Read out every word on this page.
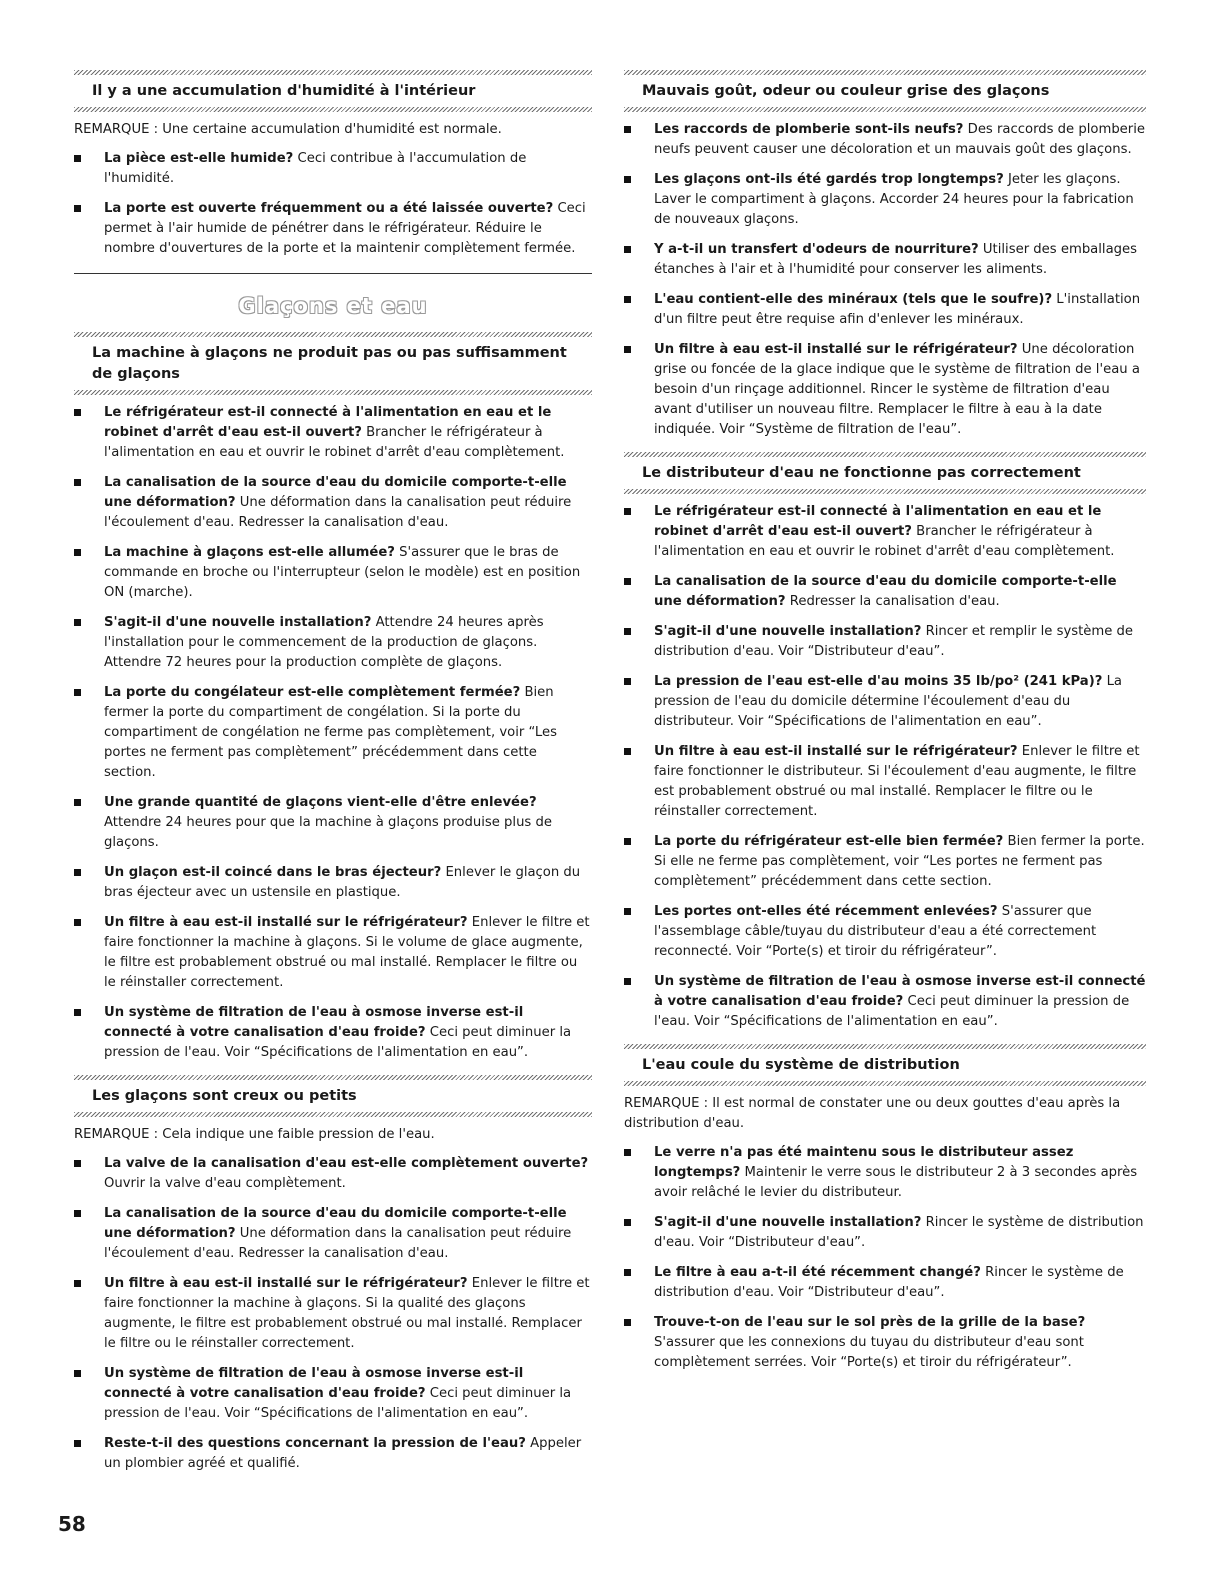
Il y a une accumulation d'humidité à l'intérieur

REMARQUE : Une certaine accumulation d'humidité est normale.

La pièce est-elle humide? Ceci contribue à l'accumulation de l'humidité.
La porte est ouverte fréquemment ou a été laissée ouverte? Ceci permet à l'air humide de pénétrer dans le réfrigérateur. Réduire le nombre d'ouvertures de la porte et la maintenir complètement fermée.
Glaçons et eau
La machine à glaçons ne produit pas ou pas suffisamment de glaçons
Le réfrigérateur est-il connecté à l'alimentation en eau et le robinet d'arrêt d'eau est-il ouvert? Brancher le réfrigérateur à l'alimentation en eau et ouvrir le robinet d'arrêt d'eau complètement.
La canalisation de la source d'eau du domicile comporte-t-elle une déformation? Une déformation dans la canalisation peut réduire l'écoulement d'eau. Redresser la canalisation d'eau.
La machine à glaçons est-elle allumée? S'assurer que le bras de commande en broche ou l'interrupteur (selon le modèle) est en position ON (marche).
S'agit-il d'une nouvelle installation? Attendre 24 heures après l'installation pour le commencement de la production de glaçons. Attendre 72 heures pour la production complète de glaçons.
La porte du congélateur est-elle complètement fermée? Bien fermer la porte du compartiment de congélation. Si la porte du compartiment de congélation ne ferme pas complètement, voir “Les portes ne ferment pas complètement” précédemment dans cette section.
Une grande quantité de glaçons vient-elle d'être enlevée? Attendre 24 heures pour que la machine à glaçons produise plus de glaçons.
Un glaçon est-il coincé dans le bras éjecteur? Enlever le glaçon du bras éjecteur avec un ustensile en plastique.
Un filtre à eau est-il installé sur le réfrigérateur? Enlever le filtre et faire fonctionner la machine à glaçons. Si le volume de glace augmente, le filtre est probablement obstrué ou mal installé. Remplacer le filtre ou le réinstaller correctement.
Un système de filtration de l'eau à osmose inverse est-il connecté à votre canalisation d'eau froide? Ceci peut diminuer la pression de l'eau. Voir “Spécifications de l'alimentation en eau”.
Les glaçons sont creux ou petits

REMARQUE : Cela indique une faible pression de l'eau.

La valve de la canalisation d'eau est-elle complètement ouverte? Ouvrir la valve d'eau complètement.
La canalisation de la source d'eau du domicile comporte-t-elle une déformation? Une déformation dans la canalisation peut réduire l'écoulement d'eau. Redresser la canalisation d'eau.
Un filtre à eau est-il installé sur le réfrigérateur? Enlever le filtre et faire fonctionner la machine à glaçons. Si la qualité des glaçons augmente, le filtre est probablement obstrué ou mal installé. Remplacer le filtre ou le réinstaller correctement.
Un système de filtration de l'eau à osmose inverse est-il connecté à votre canalisation d'eau froide? Ceci peut diminuer la pression de l'eau. Voir “Spécifications de l'alimentation en eau”.
Reste-t-il des questions concernant la pression de l'eau? Appeler un plombier agréé et qualifié.
Mauvais goût, odeur ou couleur grise des glaçons
Les raccords de plomberie sont-ils neufs? Des raccords de plomberie neufs peuvent causer une décoloration et un mauvais goût des glaçons.
Les glaçons ont-ils été gardés trop longtemps? Jeter les glaçons. Laver le compartiment à glaçons. Accorder 24 heures pour la fabrication de nouveaux glaçons.
Y a-t-il un transfert d'odeurs de nourriture? Utiliser des emballages étanches à l'air et à l'humidité pour conserver les aliments.
L'eau contient-elle des minéraux (tels que le soufre)? L'installation d'un filtre peut être requise afin d'enlever les minéraux.
Un filtre à eau est-il installé sur le réfrigérateur? Une décoloration grise ou foncée de la glace indique que le système de filtration de l'eau a besoin d'un rinçage additionnel. Rincer le système de filtration d'eau avant d'utiliser un nouveau filtre. Remplacer le filtre à eau à la date indiquée. Voir “Système de filtration de l'eau”.
Le distributeur d'eau ne fonctionne pas correctement
Le réfrigérateur est-il connecté à l'alimentation en eau et le robinet d'arrêt d'eau est-il ouvert? Brancher le réfrigérateur à l'alimentation en eau et ouvrir le robinet d'arrêt d'eau complètement.
La canalisation de la source d'eau du domicile comporte-t-elle une déformation? Redresser la canalisation d'eau.
S'agit-il d'une nouvelle installation? Rincer et remplir le système de distribution d'eau. Voir “Distributeur d'eau”.
La pression de l'eau est-elle d'au moins 35 lb/po² (241 kPa)? La pression de l'eau du domicile détermine l'écoulement d'eau du distributeur. Voir “Spécifications de l'alimentation en eau”.
Un filtre à eau est-il installé sur le réfrigérateur? Enlever le filtre et faire fonctionner le distributeur. Si l'écoulement d'eau augmente, le filtre est probablement obstrué ou mal installé. Remplacer le filtre ou le réinstaller correctement.
La porte du réfrigérateur est-elle bien fermée? Bien fermer la porte. Si elle ne ferme pas complètement, voir “Les portes ne ferment pas complètement” précédemment dans cette section.
Les portes ont-elles été récemment enlevées? S'assurer que l'assemblage câble/tuyau du distributeur d'eau a été correctement reconnecté. Voir “Porte(s) et tiroir du réfrigérateur”.
Un système de filtration de l'eau à osmose inverse est-il connecté à votre canalisation d'eau froide? Ceci peut diminuer la pression de l'eau. Voir “Spécifications de l'alimentation en eau”.
L'eau coule du système de distribution

REMARQUE : Il est normal de constater une ou deux gouttes d'eau après la distribution d'eau.

Le verre n'a pas été maintenu sous le distributeur assez longtemps? Maintenir le verre sous le distributeur 2 à 3 secondes après avoir relâché le levier du distributeur.
S'agit-il d'une nouvelle installation? Rincer le système de distribution d'eau. Voir “Distributeur d'eau”.
Le filtre à eau a-t-il été récemment changé? Rincer le système de distribution d'eau. Voir “Distributeur d'eau”.
Trouve-t-on de l'eau sur le sol près de la grille de la base? S'assurer que les connexions du tuyau du distributeur d'eau sont complètement serrées. Voir “Porte(s) et tiroir du réfrigérateur”.
58
